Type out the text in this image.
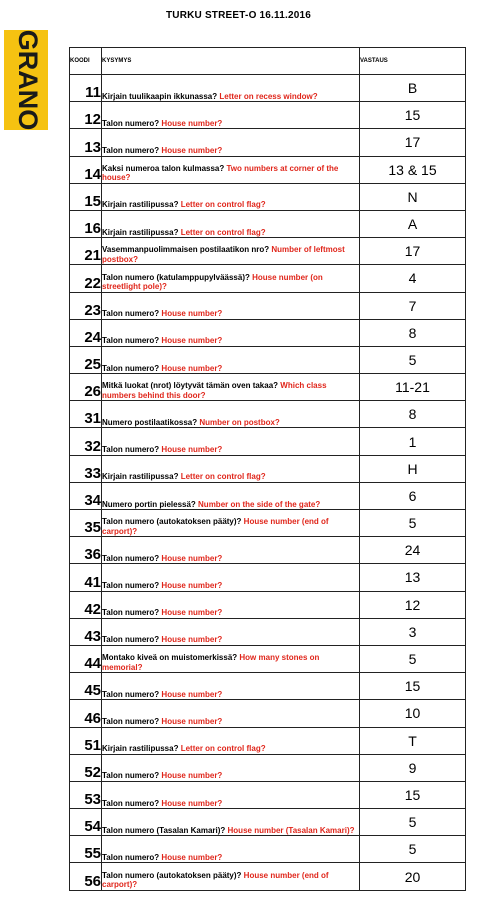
TURKU STREET-O 16.11.2016
GRANO	KOODI	KYSYMYS	VASTAUS
11	Kirjain tuulikaapin ikkunassa? Letter on recess window?	B
12	Talon numero? House number?	15
13	Talon numero? House number?	17
14	Kaksi numeroa talon kulmassa? Two numbers at corner of the house?	13 & 15
15	Kirjain rastilipussa? Letter on control flag?	N
16	Kirjain rastilipussa? Letter on control flag?	A
21	Vasemmanpuolimmaisen postilaatikon nro? Number of leftmost postbox?	17
22	Talon numero (katulamppupylväässä)? House number (on streetlight pole)?	4
23	Talon numero? House number?	7
24	Talon numero? House number?	8
25	Talon numero? House number?	5
26	Mitkä luokat (nrot) löytyvät tämän oven takaa? Which class numbers behind this door?	11-21
31	Numero postilaatikossa? Number on postbox?	8
32	Talon numero? House number?	1
33	Kirjain rastilipussa? Letter on control flag?	H
34	Numero portin pielessä? Number on the side of the gate?	6
35	Talon numero (autokatoksen pääty)? House number (end of carport)?	5
36	Talon numero? House number?	24
41	Talon numero? House number?	13
42	Talon numero? House number?	12
43	Talon numero? House number?	3
44	Montako kiveä on muistomerkissä? How many stones on memorial?	5
45	Talon numero? House number?	15
46	Talon numero? House number?	10
51	Kirjain rastilipussa? Letter on control flag?	T
52	Talon numero? House number?	9
53	Talon numero? House number?	15
54	Talon numero (Tasalan Kamari)? House number (Tasalan Kamari)?	5
55	Talon numero? House number?	5
56	Talon numero (autokatoksen pääty)? House number (end of carport)?	20
